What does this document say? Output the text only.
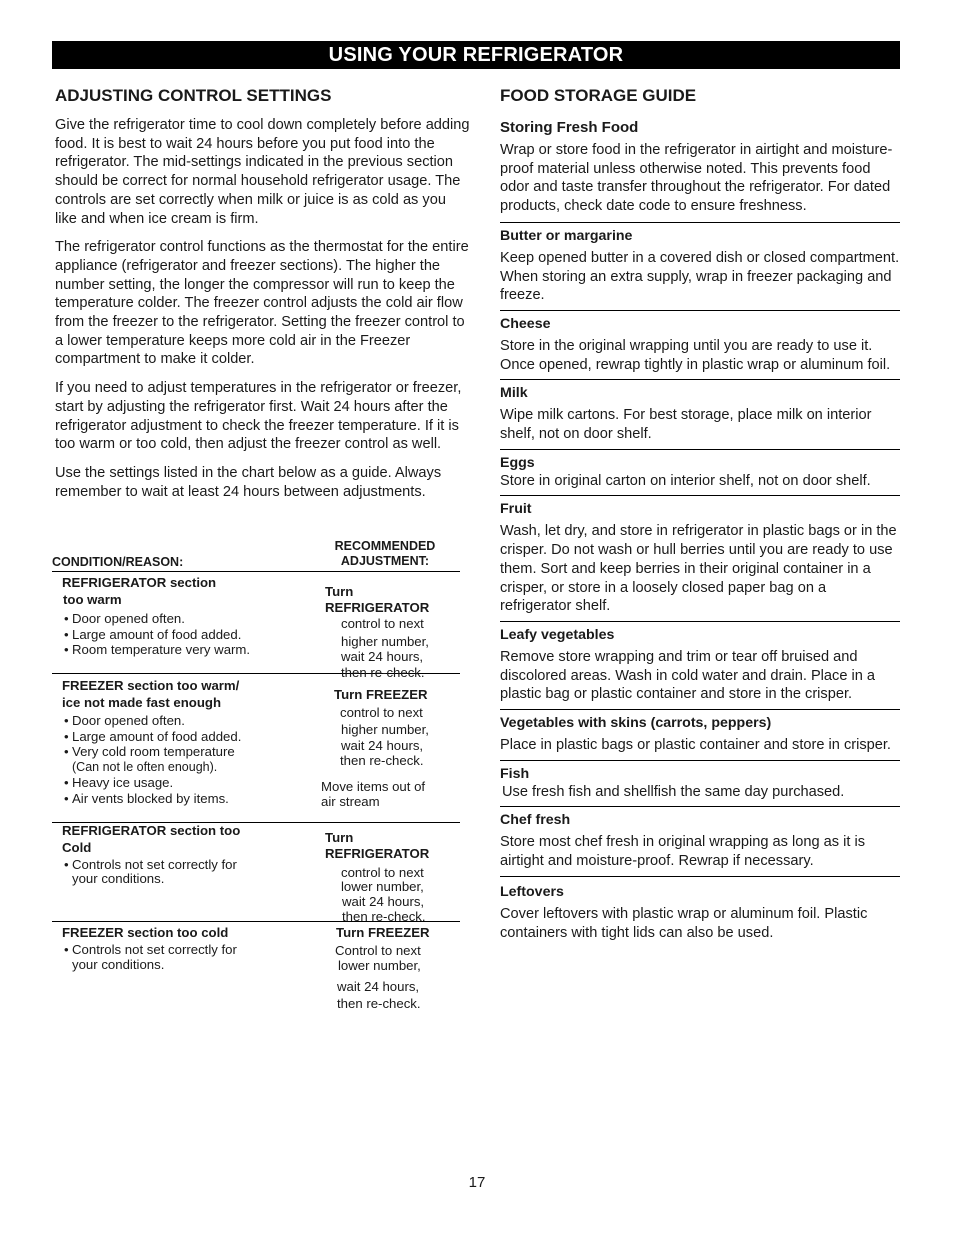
USING YOUR REFRIGERATOR
ADJUSTING CONTROL SETTINGS

Give the refrigerator time to cool down completely before adding food. It is best to wait 24 hours before you put food into the refrigerator. The mid-settings indicated in the previous section should be correct for normal household refrigerator usage. The controls are set correctly when milk or juice is as cold as you like and when ice cream is firm.

The refrigerator control functions as the thermostat for the entire appliance (refrigerator and freezer sections). The higher the number setting, the longer the compressor will run to keep the temperature colder. The freezer control adjusts the cold air flow from the freezer to the refrigerator. Setting the freezer control to a lower temperature keeps more cold air in the Freezer compartment to make it colder.

If you need to adjust temperatures in the refrigerator or freezer, start by adjusting the refrigerator first. Wait 24 hours after the refrigerator adjustment to check the freezer temperature. If it is too warm or too cold, then adjust the freezer control as well.

Use the settings listed in the chart below as a guide. Always remember to wait at least 24 hours between adjustments.

CONDITION/REASON:
RECOMMENDED
ADJUSTMENT:
REFRIGERATOR section
too warm
• Door opened often.
• Large amount of food added.
• Room temperature very warm.
Turn REFRIGERATOR
control to next
higher number,
wait 24 hours,
then re-check.
FREEZER section too warm/
ice not made fast enough
• Door opened often.
• Large amount of food added.
• Very cold room temperature
(Can not le often enough).
• Heavy ice usage.
• Air vents blocked by items.
Turn FREEZER
control to next
higher number,
wait 24 hours,
then re-check.
Move items out of
air stream
REFRIGERATOR section too
Cold
• Controls not set correctly for
your conditions.
Turn REFRIGERATOR
control to next
lower number,
wait 24 hours,
then re-check.
FREEZER section too cold
• Controls not set correctly for
your conditions.
Turn FREEZER
Control to next
lower number,
wait 24 hours,
then re-check.
FOOD STORAGE GUIDE
Storing Fresh Food

Wrap or store food in the refrigerator in airtight and moisture-proof material unless otherwise noted. This prevents food odor and taste transfer throughout the refrigerator. For dated products, check date code to ensure freshness.

Butter or margarine
Keep opened butter in a covered dish or closed compartment. When storing an extra supply, wrap in freezer packaging and freeze.
Cheese
Store in the original wrapping until you are ready to use it. Once opened, rewrap tightly in plastic wrap or aluminum foil.
Milk
Wipe milk cartons. For best storage, place milk on interior shelf, not on door shelf.
Eggs
Store in original carton on interior shelf, not on door shelf.
Fruit
Wash, let dry, and store in refrigerator in plastic bags or in the crisper. Do not wash or hull berries until you are ready to use them. Sort and keep berries in their original container in a crisper, or store in a loosely closed paper bag on a refrigerator shelf.
Leafy vegetables
Remove store wrapping and trim or tear off bruised and discolored areas. Wash in cold water and drain. Place in a plastic bag or plastic container and store in the crisper.
Vegetables with skins (carrots, peppers)
Place in plastic bags or plastic container and store in crisper.
Fish
Use fresh fish and shellfish the same day purchased.
Chef fresh
Store most chef fresh in original wrapping as long as it is airtight and moisture-proof. Rewrap if necessary.
Leftovers
Cover leftovers with plastic wrap or aluminum foil. Plastic containers with tight lids can also be used.
17
